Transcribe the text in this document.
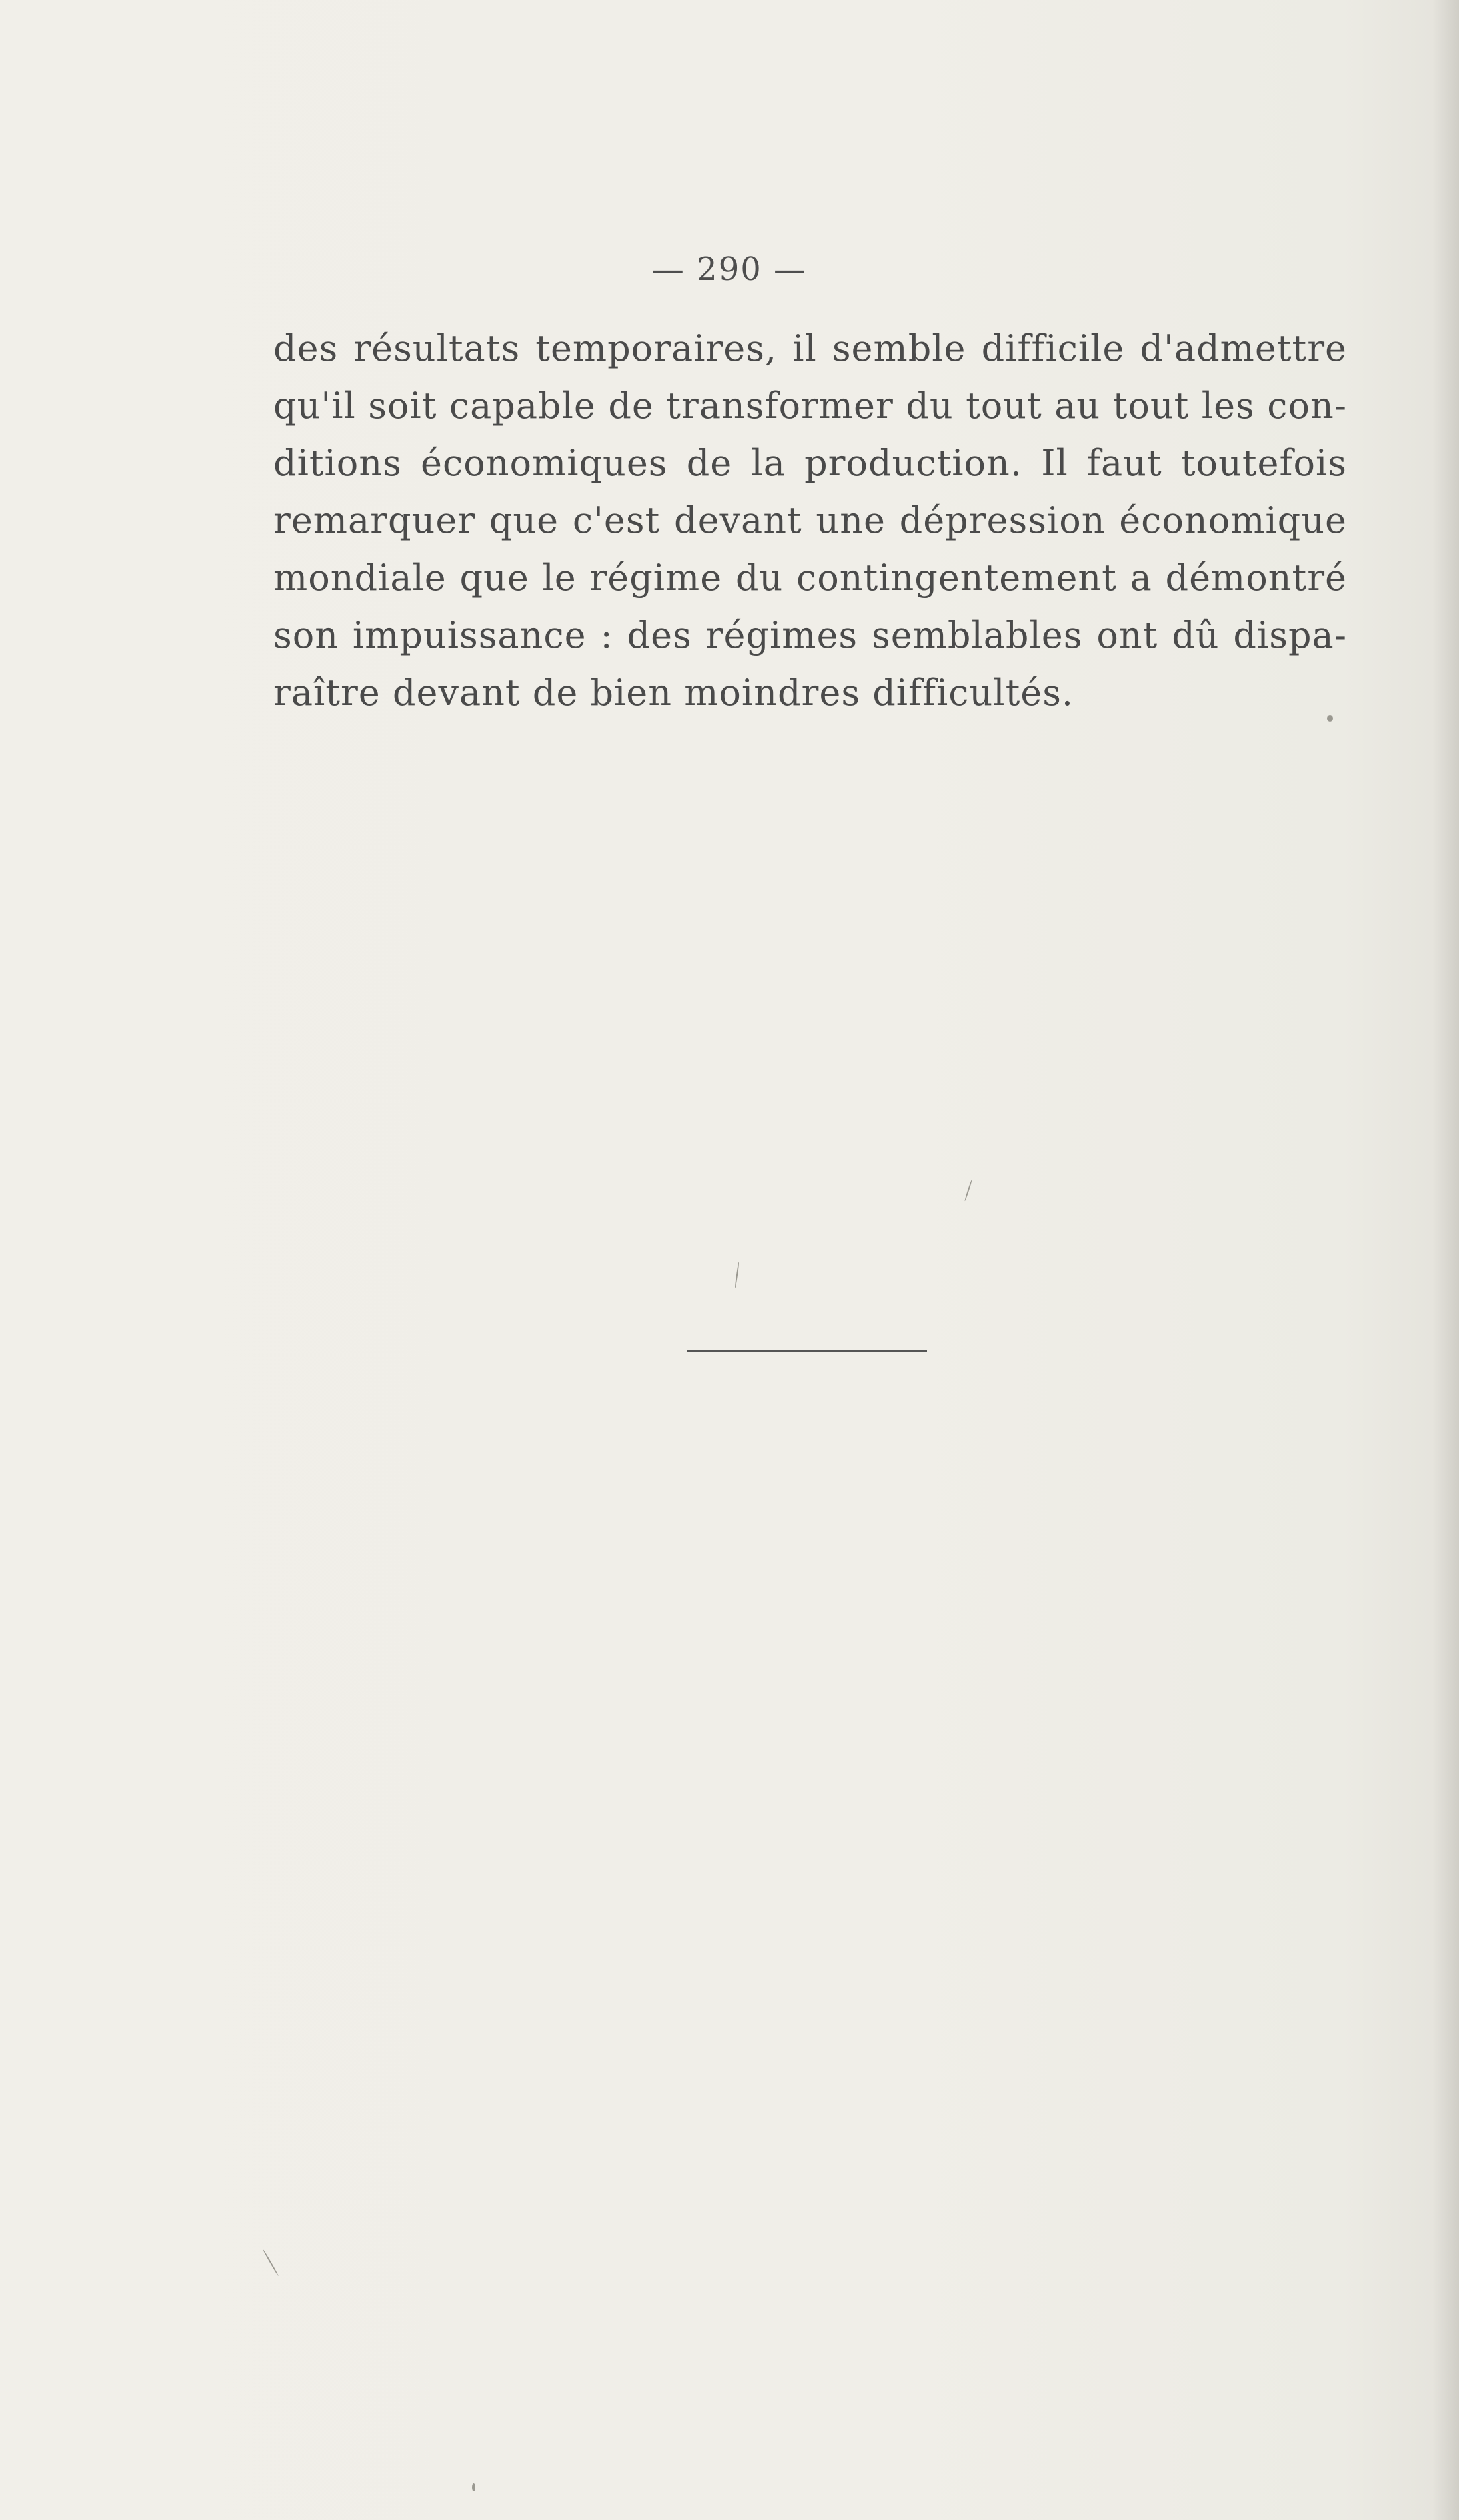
— 290 —
des résultats temporaires, il semble difficile d'admettre
qu'il soit capable de transformer du tout au tout les con-
ditions économiques de la production. Il faut toutefois
remarquer que c'est devant une dépression économique
mondiale que le régime du contingentement a démontré
son impuissance : des régimes semblables ont dû dispa-
raître devant de bien moindres difficultés.
